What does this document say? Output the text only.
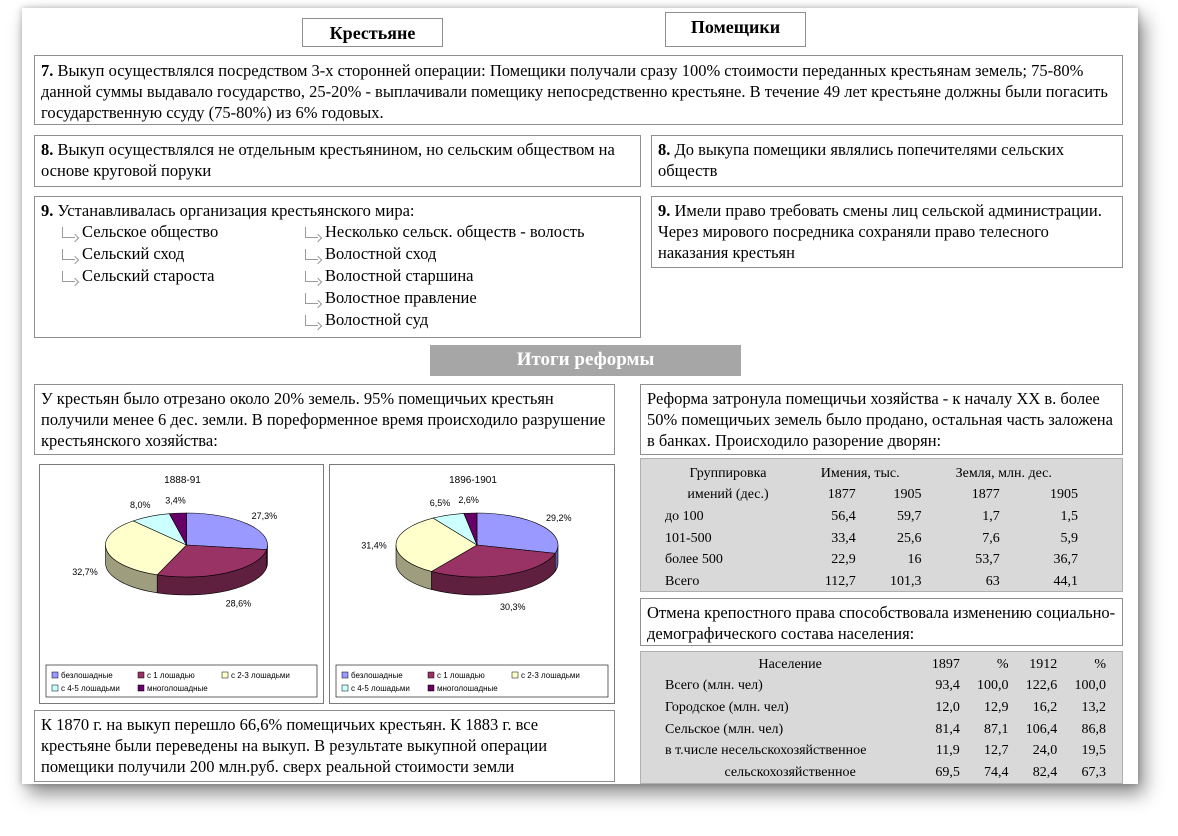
Крестьяне	Помещики
7. Выкуп осуществлялся посредством 3-х сторонней операции: Помещики получали сразу 100% стоимости переданных крестьянам земель; 75-80% данной суммы выдавало государство, 25-20% - выплачивали помещику непосредственно крестьяне. В течение 49 лет крестьяне должны были погасить государственную ссуду (75-80%) из 6% годовых.
8. Выкуп осуществлялся не отдельным крестьянином, но сельским обществом на основе круговой поруки
8. До выкупа помещики являлись попечителями сельских обществ
9. Устанавливалась организация крестьянского мира:
Сельское общество
Сельский сход
Сельский староста
Несколько сельск. обществ - волость
Волостной сход
Волостной старшина
Волостное правление
Волостной суд
9. Имели право требовать смены лиц сельской администрации. Через мирового посредника сохраняли право телесного наказания крестьян
Итоги реформы
У крестьян было отрезано около 20% земель. 95% помещичьих крестьян получили менее 6 дес. земли. В пореформенное время происходило разрушение крестьянского хозяйства:
Реформа затронула помещичьи хозяйства - к началу XX в. более 50% помещичьих земель было продано, остальная часть заложена в банках. Происходило разорение дворян:
1888-91
27,3%
28,6%
32,7%
8,0% 3,4%
безлошадные	с 1 лошадью	с 2-3 лошадьми
с 4-5 лошадьми	многолошадные
1896-1901
29,2%
30,3%
31,4%
6,5% 2,6%
безлошадные	с 1 лошадью	с 2-3 лошадьми
с 4-5 лошадьми	многолошадные
Группировка	Имения, тыс.		Земля, млн. дес.	
имений (дес.)	1877	1905	1877	1905
до 100	56,4	59,7	1,7	1,5
101-500	33,4	25,6	7,6	5,9
более 500	22,9	16	53,7	36,7
Всего	112,7	101,3	63	44,1
Отмена крепостного права способствовала изменению социально-демографического состава населения:
К 1870 г. на выкуп перешло 66,6% помещичьих крестьян. К 1883 г. все крестьяне были переведены на выкуп. В результате выкупной операции помещики получили 200 млн.руб. сверх реальной стоимости земли
Население	1897	%	1912	%
Всего (млн. чел)	93,4	100,0	122,6	100,0
Городское (млн. чел)	12,0	12,9	16,2	13,2
Сельское (млн. чел)	81,4	87,1	106,4	86,8
в т.числе несельскохозяйственное	11,9	12,7	24,0	19,5
сельскохозяйственное	69,5	74,4	82,4	67,3
